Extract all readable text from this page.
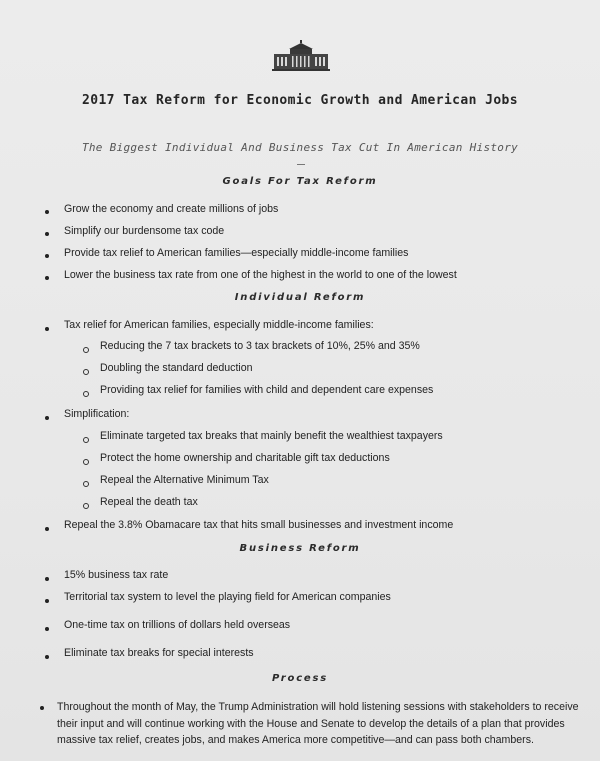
2017 Tax Reform for Economic Growth and American Jobs
The Biggest Individual And Business Tax Cut In American History
Goals For Tax Reform
Grow the economy and create millions of jobs
Simplify our burdensome tax code
Provide tax relief to American families—especially middle-income families
Lower the business tax rate from one of the highest in the world to one of the lowest
Individual Reform
Tax relief for American families, especially middle-income families:
Reducing the 7 tax brackets to 3 tax brackets of 10%, 25% and 35%
Doubling the standard deduction
Providing tax relief for families with child and dependent care expenses
Simplification:
Eliminate targeted tax breaks that mainly benefit the wealthiest taxpayers
Protect the home ownership and charitable gift tax deductions
Repeal the Alternative Minimum Tax
Repeal the death tax
Repeal the 3.8% Obamacare tax that hits small businesses and investment income
Business Reform
15% business tax rate
Territorial tax system to level the playing field for American companies
One-time tax on trillions of dollars held overseas
Eliminate tax breaks for special interests
Process
Throughout the month of May, the Trump Administration will hold listening sessions with stakeholders to receive their input and will continue working with the House and Senate to develop the details of a plan that provides massive tax relief, creates jobs, and makes America more competitive—and can pass both chambers.
